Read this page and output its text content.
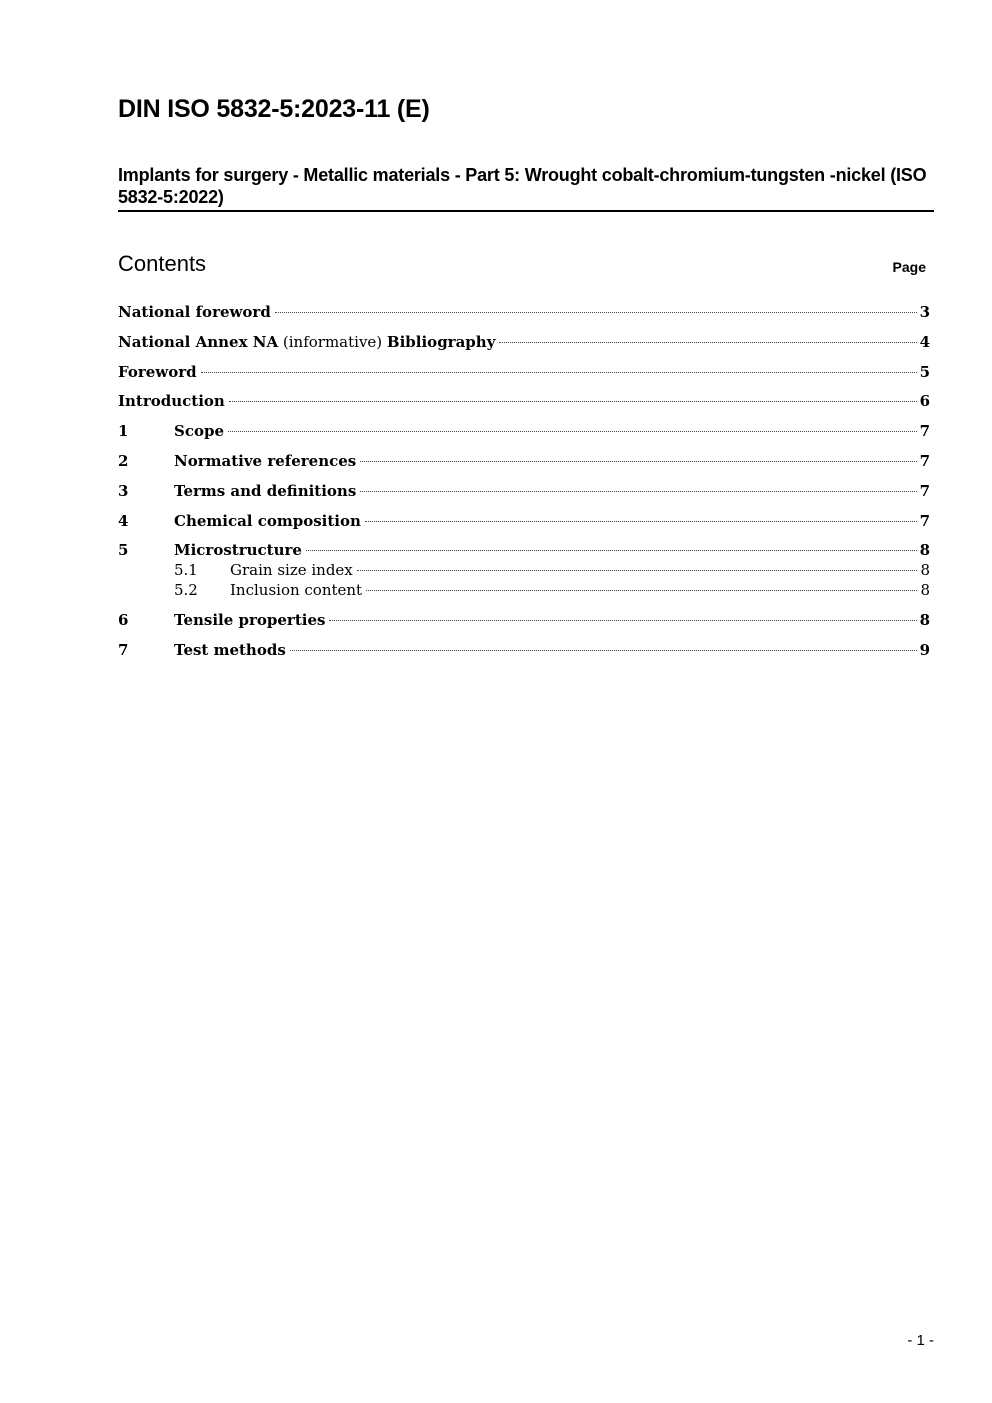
DIN ISO 5832-5:2023-11 (E)
Implants for surgery - Metallic materials - Part 5: Wrought cobalt-chromium-tungsten -nickel (ISO 5832-5:2022)
Contents	Page
National foreword	3
National Annex NA (informative) Bibliography	4
Foreword	5
Introduction	6
1	Scope	7
2	Normative references	7
3	Terms and definitions	7
4	Chemical composition	7
5	Microstructure	8
5.1	Grain size index	8
5.2	Inclusion content	8
6	Tensile properties	8
7	Test methods	9
- 1 -
